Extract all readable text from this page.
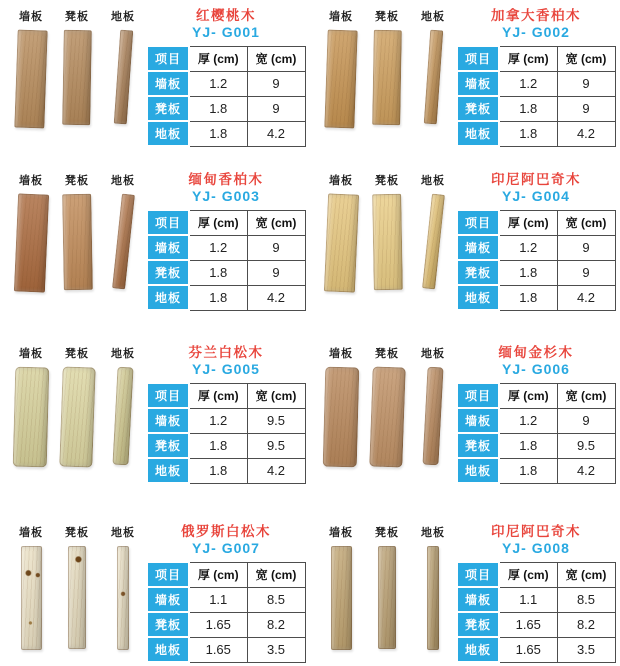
墙板 凳板 地板	红樱桃木
YJ- G001
项目	厚 (cm)	宽 (cm)
墙板	1.2	9
凳板	1.8	9
地板	1.8	4.2
墙板 凳板 地板	加拿大香柏木
YJ- G002
项目	厚 (cm)	宽 (cm)
墙板	1.2	9
凳板	1.8	9
地板	1.8	4.2
墙板 凳板 地板	缅甸香柏木
YJ- G003
项目	厚 (cm)	宽 (cm)
墙板	1.2	9
凳板	1.8	9
地板	1.8	4.2
墙板 凳板 地板	印尼阿巴奇木
YJ- G004
项目	厚 (cm)	宽 (cm)
墙板	1.2	9
凳板	1.8	9
地板	1.8	4.2
墙板 凳板 地板	芬兰白松木
YJ- G005
项目	厚 (cm)	宽 (cm)
墙板	1.2	9.5
凳板	1.8	9.5
地板	1.8	4.2
墙板 凳板 地板	缅甸金杉木
YJ- G006
项目	厚 (cm)	宽 (cm)
墙板	1.2	9
凳板	1.8	9.5
地板	1.8	4.2
墙板 凳板 地板	俄罗斯白松木
YJ- G007
项目	厚 (cm)	宽 (cm)
墙板	1.1	8.5
凳板	1.65	8.2
地板	1.65	3.5
墙板 凳板 地板	印尼阿巴奇木
YJ- G008
项目	厚 (cm)	宽 (cm)
墙板	1.1	8.5
凳板	1.65	8.2
地板	1.65	3.5
